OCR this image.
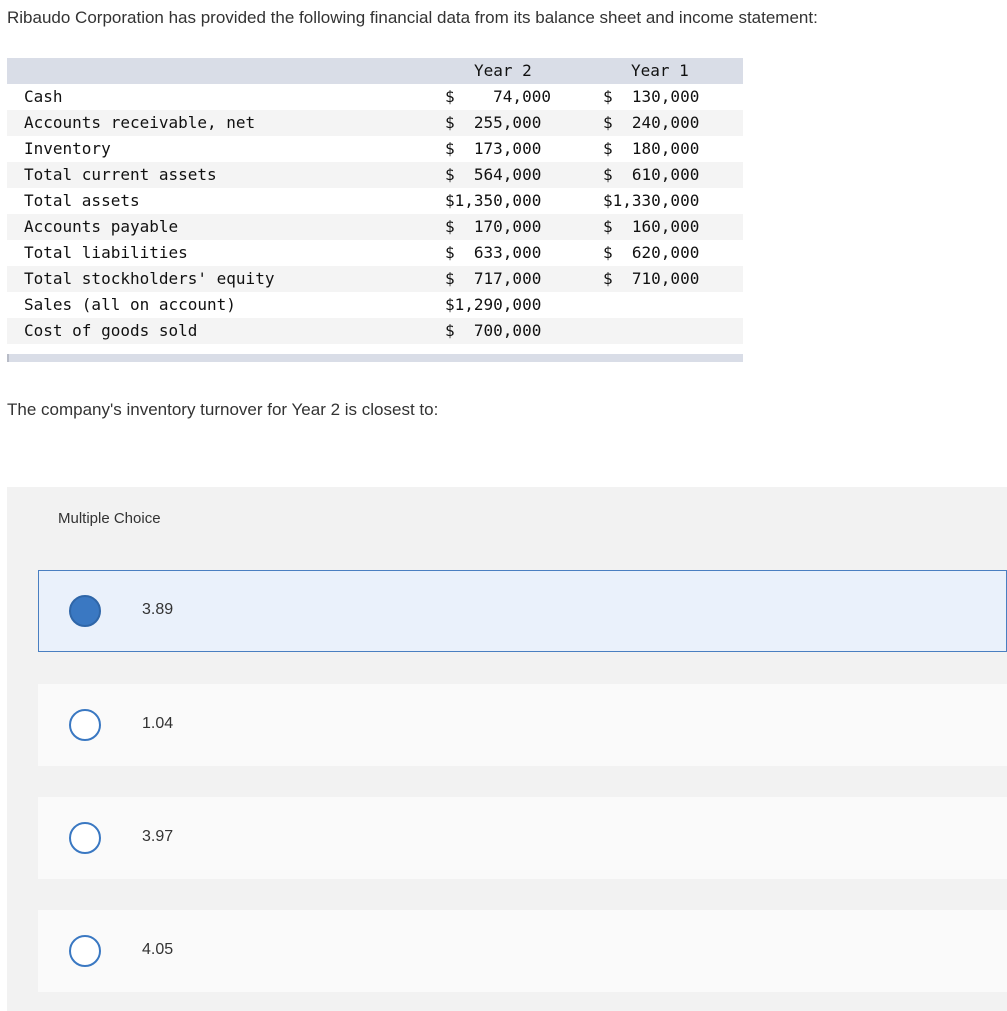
Ribaudo Corporation has provided the following financial data from its balance sheet and income statement:
Year 2	Year 1
Cash	$    74,000	$  130,000
Accounts receivable, net	$  255,000	$  240,000
Inventory	$  173,000	$  180,000
Total current assets	$  564,000	$  610,000
Total assets	$1,350,000	$1,330,000
Accounts payable	$  170,000	$  160,000
Total liabilities	$  633,000	$  620,000
Total stockholders' equity	$  717,000	$  710,000
Sales (all on account)	$1,290,000
Cost of goods sold	$  700,000
The company's inventory turnover for Year 2 is closest to:
Multiple Choice
3.89
1.04
3.97
4.05
